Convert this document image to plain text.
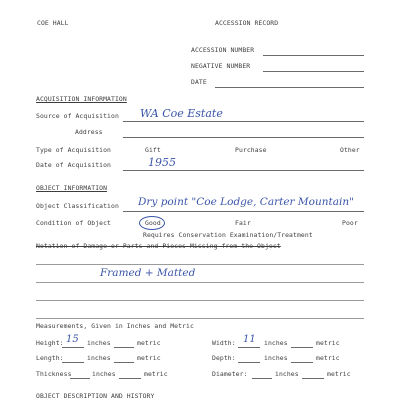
COE HALL	ACCESSION RECORD
ACCESSION NUMBER
NEGATIVE NUMBER
DATE
ACQUISITION INFORMATION
Source of Acquisition WA Coe Estate
Address
Type of Acquisition	Gift	Purchase	Other
Date of Acquisition	1955
OBJECT INFORMATION
Object Classification Dry point "Coe Lodge, Carter Mountain"
Condition of Object	Good	Fair	Poor
Requires Conservation Examination/Treatment
Notation of Damage or Parts and Pieces Missing from the Object
Framed + Matted
Measurements, Given in Inches and Metric
Height: 15 inches	metric	Width: 11 inches	metric
Length:	inches	metric	Depth:	inches	metric
Thickness	inches	metric	Diameter:	inches	metric
OBJECT DESCRIPTION AND HISTORY
